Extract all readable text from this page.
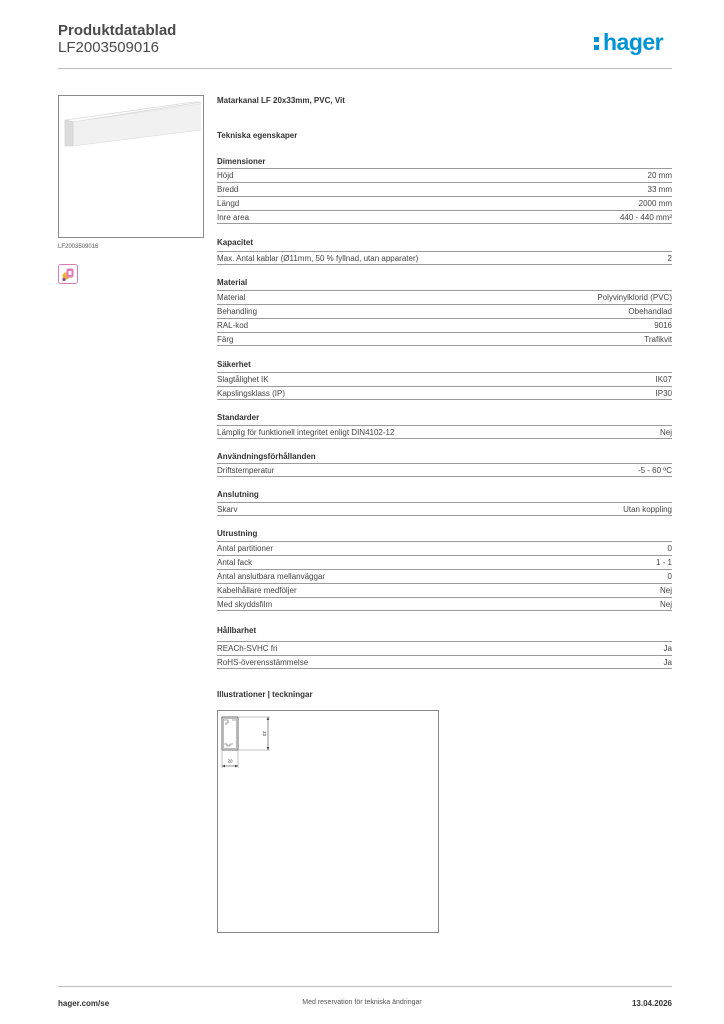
Produktdatablad
LF2003509016	hager
LF2003509016
Matarkanal LF 20x33mm, PVC, Vit
Tekniska egenskaper
Dimensioner
Höjd	20 mm
Bredd	33 mm
Längd	2000 mm
Inre area	440 - 440 mm²
Kapacitet
Max. Antal kablar (Ø11mm, 50 % fyllnad, utan apparater)	2
Material
Material	Polyvinylklorid (PVC)
Behandling	Obehandlad
RAL-kod	9016
Färg	Trafikvit
Säkerhet
Slagtålighet IK	IK07
Kapslingsklass (IP)	IP30
Standarder
Lämplig för funktionell integritet enligt DIN4102-12	Nej
Användningsförhållanden
Driftstemperatur	-5 - 60 ºC
Anslutning
Skarv	Utan koppling
Utrustning
Antal partitioner	0
Antal fack	1 - 1
Antal anslutbara mellanväggar	0
Kabelhållare medföljer	Nej
Med skyddsfilm	Nej
Hållbarhet
REACh-SVHC fri	Ja
RoHS-överensstämmelse	Ja
Illustrationer | teckningar
33
20
hager.com/se	Med reservation för tekniska ändringar	13.04.2026
